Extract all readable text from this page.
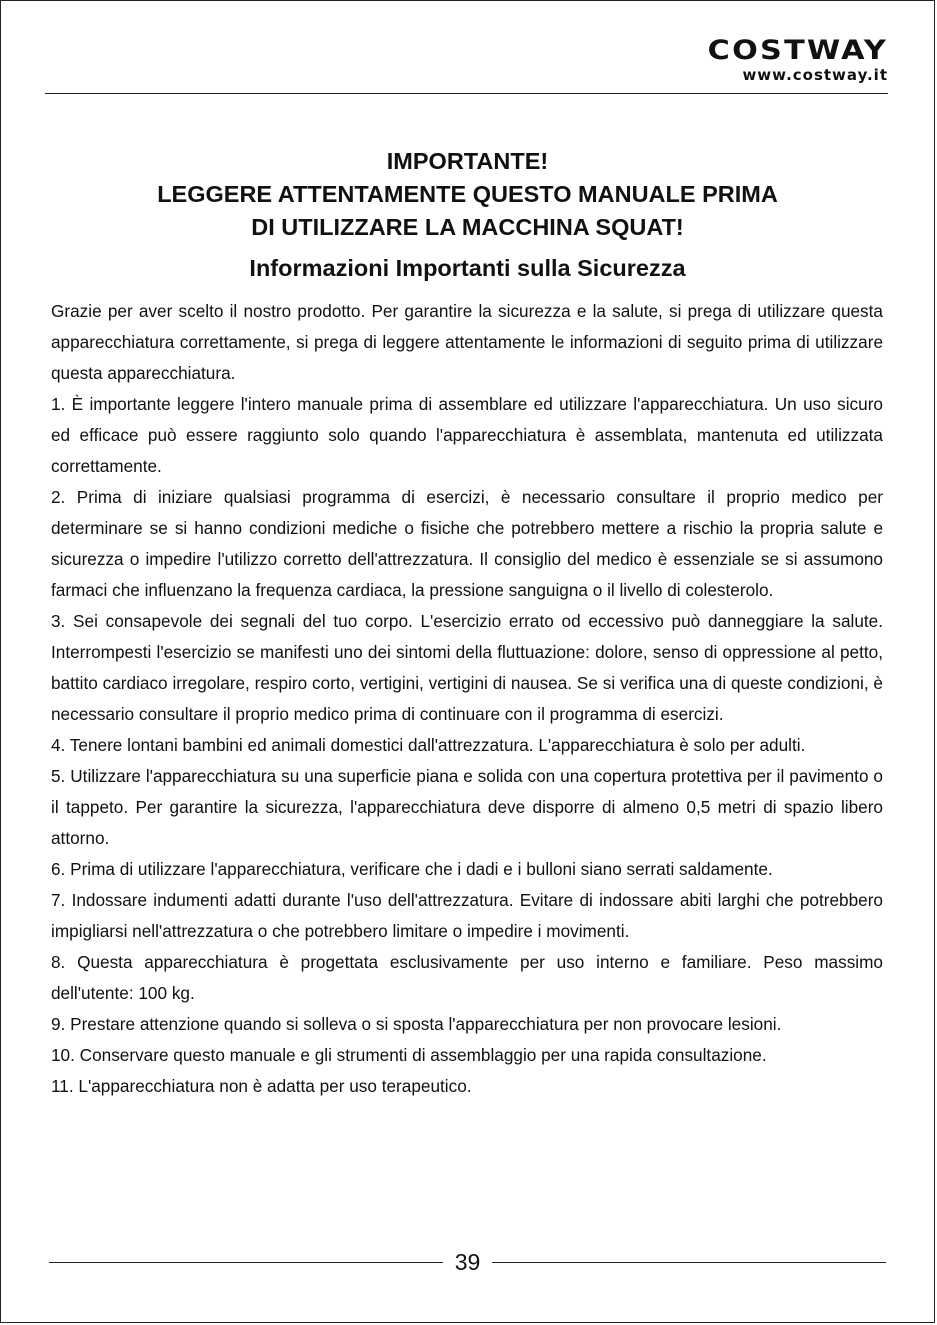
COSTWAY
www.costway.it
IMPORTANTE!
LEGGERE ATTENTAMENTE QUESTO MANUALE PRIMA
DI UTILIZZARE LA MACCHINA SQUAT!
Informazioni Importanti sulla Sicurezza

Grazie per aver scelto il nostro prodotto. Per garantire la sicurezza e la salute, si prega di utilizzare questa apparecchiatura correttamente, si prega di leggere attentamente le informazioni di seguito prima di utilizzare questa apparecchiatura.

1. È importante leggere l'intero manuale prima di assemblare ed utilizzare l'apparecchiatura. Un uso sicuro ed efficace può essere raggiunto solo quando l'apparecchiatura è assemblata, mantenuta ed utilizzata correttamente.

2. Prima di iniziare qualsiasi programma di esercizi, è necessario consultare il proprio medico per determinare se si hanno condizioni mediche o fisiche che potrebbero mettere a rischio la propria salute e sicurezza o impedire l'utilizzo corretto dell'attrezzatura. Il consiglio del medico è essenziale se si assumono farmaci che influenzano la frequenza cardiaca, la pressione sanguigna o il livello di colesterolo.

3. Sei consapevole dei segnali del tuo corpo. L'esercizio errato od eccessivo può danneggiare la salute. Interrompesti l'esercizio se manifesti uno dei sintomi della fluttuazione: dolore, senso di oppressione al petto, battito cardiaco irregolare, respiro corto, vertigini, vertigini di nausea. Se si verifica una di queste condizioni, è necessario consultare il proprio medico prima di continuare con il programma di esercizi.

4. Tenere lontani bambini ed animali domestici dall'attrezzatura. L'apparecchiatura è solo per adulti.

5. Utilizzare l'apparecchiatura su una superficie piana e solida con una copertura protettiva per il pavimento o il tappeto. Per garantire la sicurezza, l'apparecchiatura deve disporre di almeno 0,5 metri di spazio libero attorno.

6. Prima di utilizzare l'apparecchiatura, verificare che i dadi e i bulloni siano serrati saldamente.

7. Indossare indumenti adatti durante l'uso dell'attrezzatura. Evitare di indossare abiti larghi che potrebbero impigliarsi nell'attrezzatura o che potrebbero limitare o impedire i movimenti.

8. Questa apparecchiatura è progettata esclusivamente per uso interno e familiare. Peso massimo dell'utente: 100 kg.

9. Prestare attenzione quando si solleva o si sposta l'apparecchiatura per non provocare lesioni.

10. Conservare questo manuale e gli strumenti di assemblaggio per una rapida consultazione.

11. L'apparecchiatura non è adatta per uso terapeutico.

39
